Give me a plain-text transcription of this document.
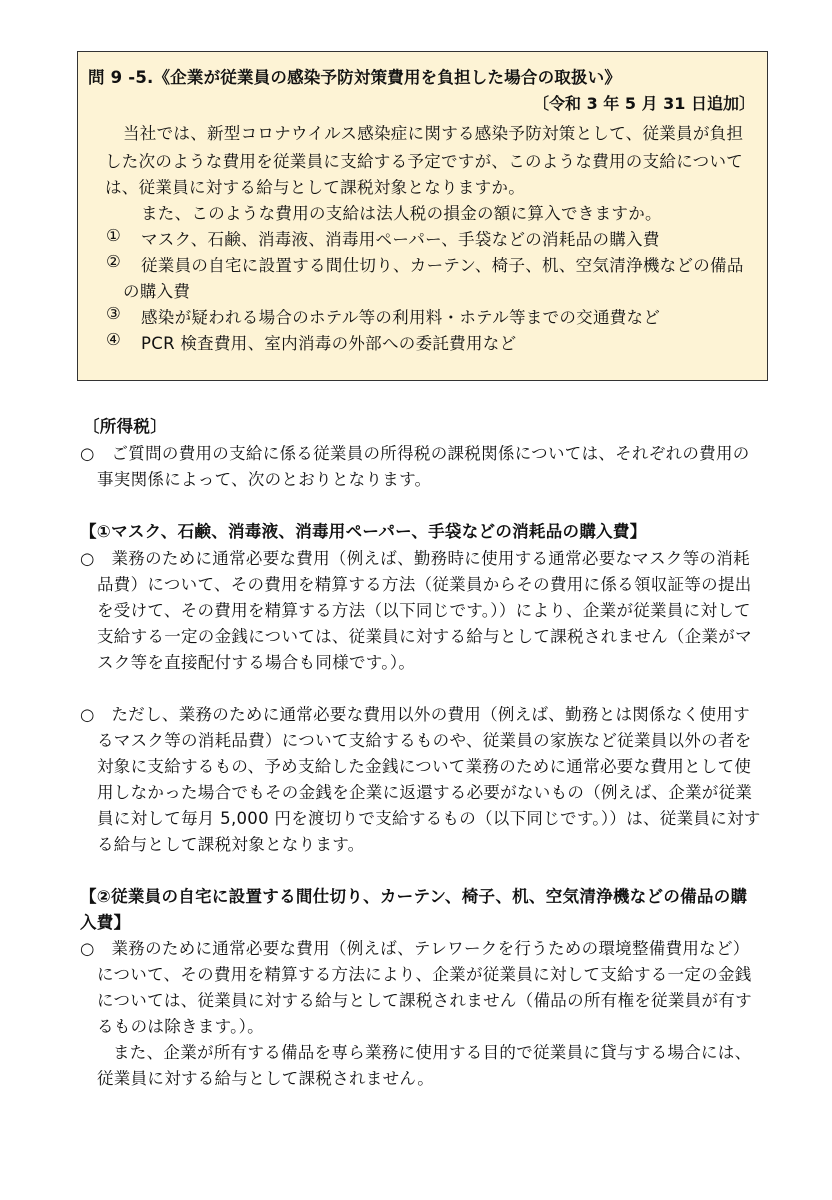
問 9 -5.《企業が従業員の感染予防対策費用を負担した場合の取扱い》
〔令和 3 年 5 月 31 日追加〕
当社では、新型コロナウイルス感染症に関する感染予防対策として、従業員が負担
した次のような費用を従業員に支給する予定ですが、このような費用の支給について
は、従業員に対する給与として課税対象となりますか。
また、このような費用の支給は法人税の損金の額に算入できますか。
① マスク、石鹸、消毒液、消毒用ペーパー、手袋などの消耗品の購入費
② 従業員の自宅に設置する間仕切り、カーテン、椅子、机、空気清浄機などの備品
の購入費
③ 感染が疑われる場合のホテル等の利用料・ホテル等までの交通費など
④ PCR 検査費用、室内消毒の外部への委託費用など
〔所得税〕
○　ご質問の費用の支給に係る従業員の所得税の課税関係については、それぞれの費用の
事実関係によって、次のとおりとなります。
【①マスク、石鹸、消毒液、消毒用ペーパー、手袋などの消耗品の購入費】
○　業務のために通常必要な費用（例えば、勤務時に使用する通常必要なマスク等の消耗
品費）について、その費用を精算する方法（従業員からその費用に係る領収証等の提出
を受けて、その費用を精算する方法（以下同じです。））により、企業が従業員に対して
支給する一定の金銭については、従業員に対する給与として課税されません（企業がマ
スク等を直接配付する場合も同様です。）。
○　ただし、業務のために通常必要な費用以外の費用（例えば、勤務とは関係なく使用す
るマスク等の消耗品費）について支給するものや、従業員の家族など従業員以外の者を
対象に支給するもの、予め支給した金銭について業務のために通常必要な費用として使
用しなかった場合でもその金銭を企業に返還する必要がないもの（例えば、企業が従業
員に対して毎月 5,000 円を渡切りで支給するもの（以下同じです。））は、従業員に対す
る給与として課税対象となります。
【②従業員の自宅に設置する間仕切り、カーテン、椅子、机、空気清浄機などの備品の購
入費】
○　業務のために通常必要な費用（例えば、テレワークを行うための環境整備費用など）
について、その費用を精算する方法により、企業が従業員に対して支給する一定の金銭
については、従業員に対する給与として課税されません（備品の所有権を従業員が有す
るものは除きます。）。
また、企業が所有する備品を専ら業務に使用する目的で従業員に貸与する場合には、
従業員に対する給与として課税されません。
